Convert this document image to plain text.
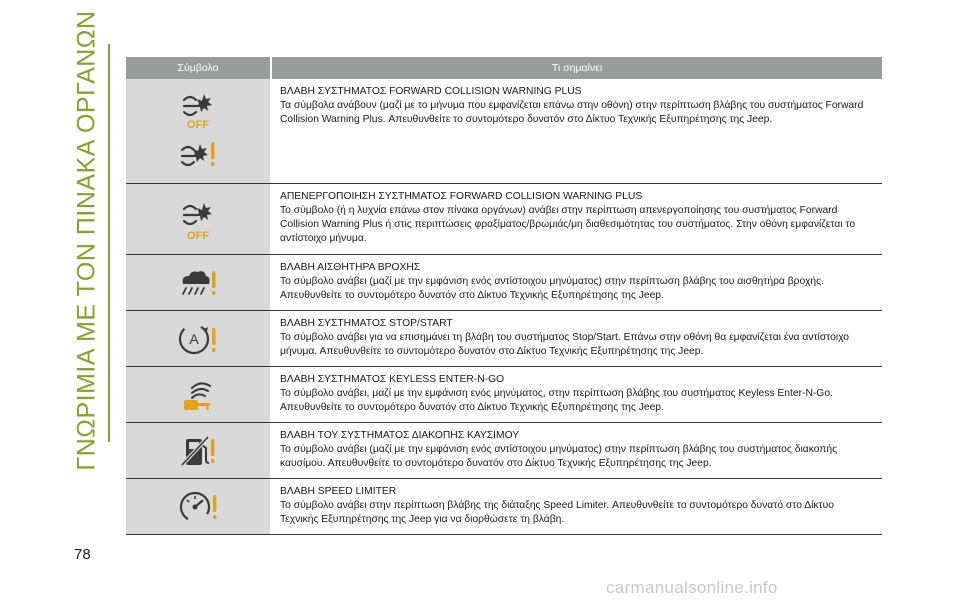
ΓΝΩΡΙΜΙΑ ΜΕ ΤΟΝ ΠΙΝΑΚΑ ΟΡΓΑΝΩΝ	Σύμβολο	Τι σημαίνει
OFF
ΒΛΑΒΗ ΣΥΣΤΗΜΑΤΟΣ FORWARD COLLISION WARNING PLUS
Τα σύμβολα ανάβουν (μαζί με το μήνυμα που εμφανίζεται επάνω στην οθόνη) στην περίπτωση βλάβης του συστήματος Forward Collision Warning Plus. Απευθυνθείτε το συντομότερο δυνατόν στο Δίκτυο Τεχνικής Εξυπηρέτησης της Jeep.
OFF
ΑΠΕΝΕΡΓΟΠΟΙΗΣΗ ΣΥΣΤΗΜΑΤΟΣ FORWARD COLLISION WARNING PLUS
Το σύμβολο (ή η λυχνία επάνω στον πίνακα οργάνων) ανάβει στην περίπτωση απενεργοποίησης του συστήματος Forward Collision Warning Plus ή στις περιπτώσεις φραξίματος/βρωμιάς/μη διαθεσιμότητας του συστήματος. Στην οθόνη εμφανίζεται το αντίστοιχο μήνυμα.
ΒΛΑΒΗ ΑΙΣΘΗΤΗΡΑ ΒΡΟΧΗΣ
Το σύμβολο ανάβει (μαζί με την εμφάνιση ενός αντίστοιχου μηνύματος) στην περίπτωση βλάβης του αισθητήρα βροχής. Απευθυνθείτε το συντομότερο δυνατόν στο Δίκτυο Τεχνικής Εξυπηρέτησης της Jeep.
A
ΒΛΑΒΗ ΣΥΣΤΗΜΑΤΟΣ STOP/START
Το σύμβολο ανάβει για να επισημάνει τη βλάβη του συστήματος Stop/Start. Επάνω στην οθόνη θα εμφανίζεται ένα αντίστοιχο μήνυμα. Απευθυνθείτε το συντομότερο δυνατόν στο Δίκτυο Τεχνικής Εξυπηρέτησης της Jeep.
ΒΛΑΒΗ ΣΥΣΤΗΜΑΤΟΣ KEYLESS ENTER-N-GO
Το σύμβολο ανάβει, μαζί με την εμφάνιση ενός μηνύματος, στην περίπτωση βλάβης του συστήματος Keyless Enter-N-Go. Απευθυνθείτε το συντομότερο δυνατόν στο Δίκτυο Τεχνικής Εξυπηρέτησης της Jeep.
ΒΛΑΒΗ ΤΟΥ ΣΥΣΤΗΜΑΤΟΣ ΔΙΑΚΟΠΗΣ ΚΑΥΣΙΜΟΥ
Το σύμβολο ανάβει (μαζί με την εμφάνιση ενός αντίστοιχου μηνύματος) στην περίπτωση βλάβης του συστήματος διακοπής καυσίμου. Απευθυνθείτε το συντομότερο δυνατόν στο Δίκτυο Τεχνικής Εξυπηρέτησης της Jeep.
ΒΛΑΒΗ SPEED LIMITER
Το σύμβολο ανάβει στην περίπτωση βλάβης της διάταξης Speed Limiter. Απευθυνθείτε το συντομότερο δυνατό στο Δίκτυο Τεχνικής Εξυπηρέτησης της Jeep για να διορθώσετε τη βλάβη.
78
carmanualsonline.info
